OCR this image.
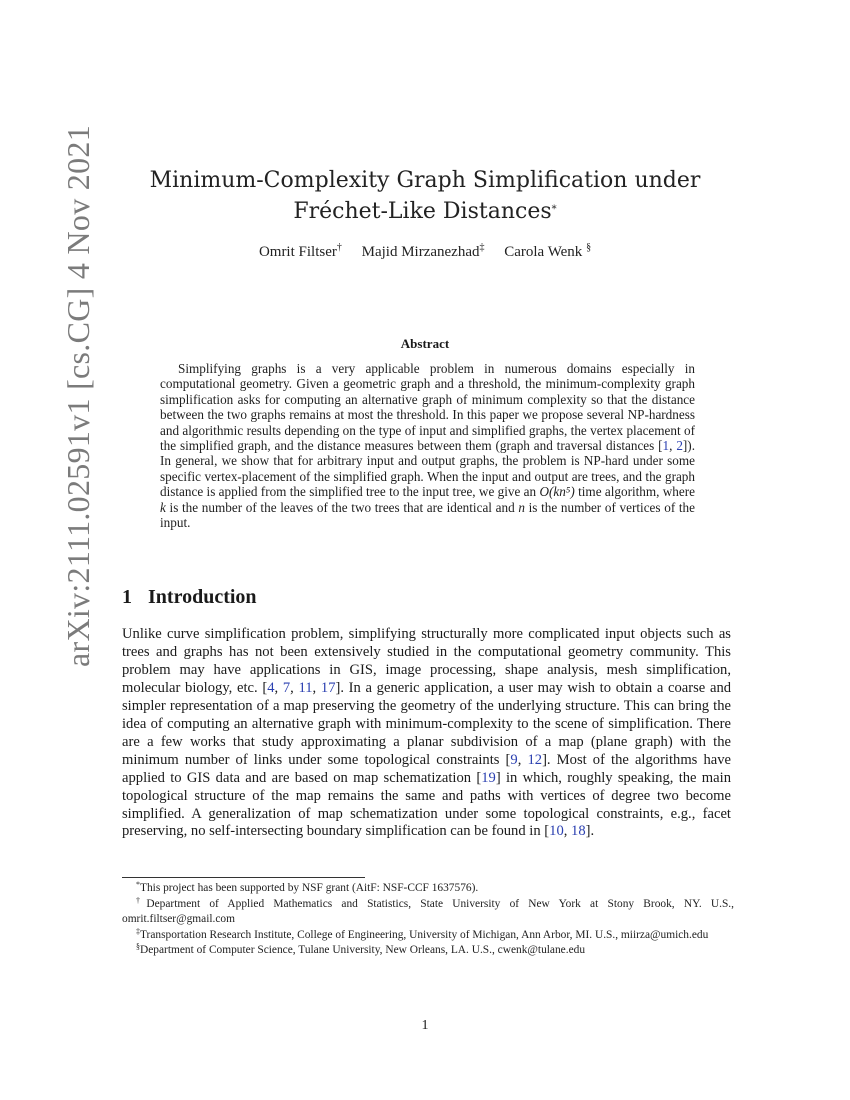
arXiv:2111.02591v1 [cs.CG] 4 Nov 2021	Minimum-Complexity Graph Simplification under Fréchet-Like Distances*
Omrit Filtser† Majid Mirzanezhad‡ Carola Wenk §
Abstract

Simplifying graphs is a very applicable problem in numerous domains especially in computational geometry. Given a geometric graph and a threshold, the minimum-complexity graph simplification asks for computing an alternative graph of minimum complexity so that the distance between the two graphs remains at most the threshold. In this paper we propose several NP-hardness and algorithmic results depending on the type of input and simplified graphs, the vertex placement of the simplified graph, and the distance measures between them (graph and traversal distances [1, 2]). In general, we show that for arbitrary input and output graphs, the problem is NP-hard under some specific vertex-placement of the simplified graph. When the input and output are trees, and the graph distance is applied from the simplified tree to the input tree, we give an O(kn⁵) time algorithm, where k is the number of the leaves of the two trees that are identical and n is the number of vertices of the input.

1 Introduction

Unlike curve simplification problem, simplifying structurally more complicated input objects such as trees and graphs has not been extensively studied in the computational geometry community. This problem may have applications in GIS, image processing, shape analysis, mesh simplification, molecular biology, etc. [4, 7, 11, 17]. In a generic application, a user may wish to obtain a coarse and simpler representation of a map preserving the geometry of the underlying structure. This can bring the idea of computing an alternative graph with minimum-complexity to the scene of simplification. There are a few works that study approximating a planar subdivision of a map (plane graph) with the minimum number of links under some topological constraints [9, 12]. Most of the algorithms have applied to GIS data and are based on map schematization [19] in which, roughly speaking, the main topological structure of the map remains the same and paths with vertices of degree two become simplified. A generalization of map schematization under some topological constraints, e.g., facet preserving, no self-intersecting boundary simplification can be found in [10, 18].

*This project has been supported by NSF grant (AitF: NSF-CCF 1637576).

†Department of Applied Mathematics and Statistics, State University of New York at Stony Brook, NY. U.S., omrit.filtser@gmail.com

‡Transportation Research Institute, College of Engineering, University of Michigan, Ann Arbor, MI. U.S., miirza@umich.edu

§Department of Computer Science, Tulane University, New Orleans, LA. U.S., cwenk@tulane.edu

1
